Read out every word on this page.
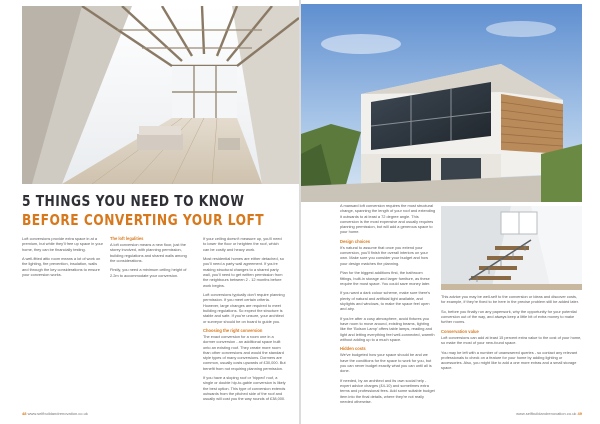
5 THINGS YOU NEED TO KNOW
BEFORE CONVERTING YOUR LOFT

Loft conversions provide extra space in at a premium, but while they'll free up space in your home, they can be financially testing.

A well-fitted attic room means a lot of work on the lighting, fire prevention, insulation, walls and through the key considerations to ensure your conversion works.

The loft legalities

A loft conversion means a new floor, just the storey involved, with planning permission, building regulations and shared walls among the considerations.

Firstly, you need a minimum ceiling height of 2.2m to accommodate your conversion.

If your ceiling doesn't measure up, you'll need to lower the floor or heighten the roof, which can be costly and heavy work.

Most residential homes are either detached, so you'll need a party wall agreement. If you're making structural changes to a shared party wall, you'll need to get written permission from the neighbours between 2 - 12 months before work begins.

Loft conversions typically don't require planning permission. If you meet certain criteria. However, large changes are required to meet building regulations. So expect the structure is stable and safe. If you're unsure, your architect or surveyor should be on board to guide you.

Choosing the right conversion

The exact conversion for a room one in a dormer conversion - an additional space built onto an existing roof. They create more room than other conversions and would the standard style types of many conversions. Dormers are common, usually costs upwards of £30,000. But benefit from not requiring planning permission.

If you have a sloping roof or 'hipped' roof, a single or double hip-to-gable conversion is likely the best option. This type of conversion extends outwards from the pitched side of the roof and usually will cost you the way rounds of £38,000.

A mansard loft conversion requires the most structural change, spanning the length of your roof and extending it outwards to at least a 72 degree angle. This conversion is the most expensive and usually requires planning permission, but will add a generous space to your home.

Design choices

It's natural to assume that once you extend your conversion, you'll finish the overall interiors on your own. Make sure you consider your budget and how your design matches the planning.

Plan for the biggest additions first, the bathroom fittings, built-in storage and larger furniture, as these require the most space. You could save money later.

If you want a dark colour scheme, make sure there's plenty of natural and artificial light available, and skylights and windows, to make the space feel open and airy.

If you're after a cosy atmosphere, avoid fixtures you have room to move around, existing beams, lighting like the 'Bolson Lamp' offers table lamps, reading and light and letting everything feel well-connected, warmth without adding up to a much space.

Hidden costs

We've budgeted how your space should be and we have the conditions for the space to work for you, but you can never budget exactly what you can until all is done.

If needed, by an architect and its own social help - expert advice charges (£4-10) and sometimes extra terms and professional fees. Add some suitable budget item into the final details, where they're not really needed otherwise.

This advice you may be well-self to the conversion or ideas and discover costs, for example, if they're fixed to be here in the precise problem still be added later.

So, before you finally run any paperwork, why the opportunity for your potential conversion out of the way, and always keep a little bit of extra money to make further rooms.

Conservation value

Loft conversions can add at least 15 percent extra value to the cost of your home, so make the most of your new-found space.

You may be left with a number of unanswered queries - so contact any relevant professionals to check on a feature for your home by adding lighting or accessories. Also, you might like to add a one more extras and a small storage space.

48 www.selfbuildandrenovation.co.uk	www.selfbuildandrenovation.co.uk 49
